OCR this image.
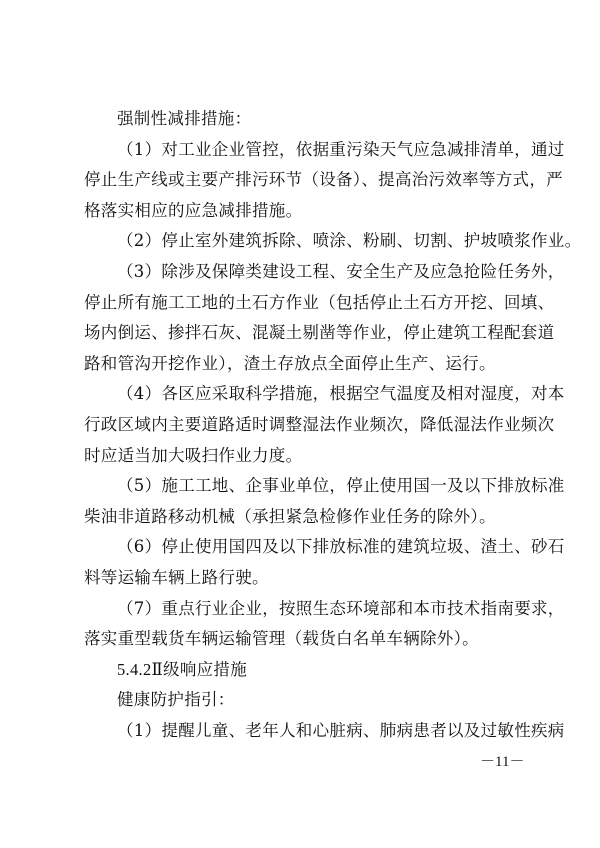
强制性减排措施：
（1）对工业企业管控，依据重污染天气应急减排清单，通过
停止生产线或主要产排污环节（设备）、提高治污效率等方式，严
格落实相应的应急减排措施。
（2）停止室外建筑拆除、喷涂、粉刷、切割、护坡喷浆作业。
（3）除涉及保障类建设工程、安全生产及应急抢险任务外，
停止所有施工工地的土石方作业（包括停止土石方开挖、回填、
场内倒运、掺拌石灰、混凝土剔凿等作业，停止建筑工程配套道
路和管沟开挖作业），渣土存放点全面停止生产、运行。
（4）各区应采取科学措施，根据空气温度及相对湿度，对本
行政区域内主要道路适时调整湿法作业频次，降低湿法作业频次
时应适当加大吸扫作业力度。
（5）施工工地、企事业单位，停止使用国一及以下排放标准
柴油非道路移动机械（承担紧急检修作业任务的除外）。
（6）停止使用国四及以下排放标准的建筑垃圾、渣土、砂石
料等运输车辆上路行驶。
（7）重点行业企业，按照生态环境部和本市技术指南要求，
落实重型载货车辆运输管理（载货白名单车辆除外）。
5.4.2Ⅱ级响应措施
健康防护指引：
（1）提醒儿童、老年人和心脏病、肺病患者以及过敏性疾病
－11－
